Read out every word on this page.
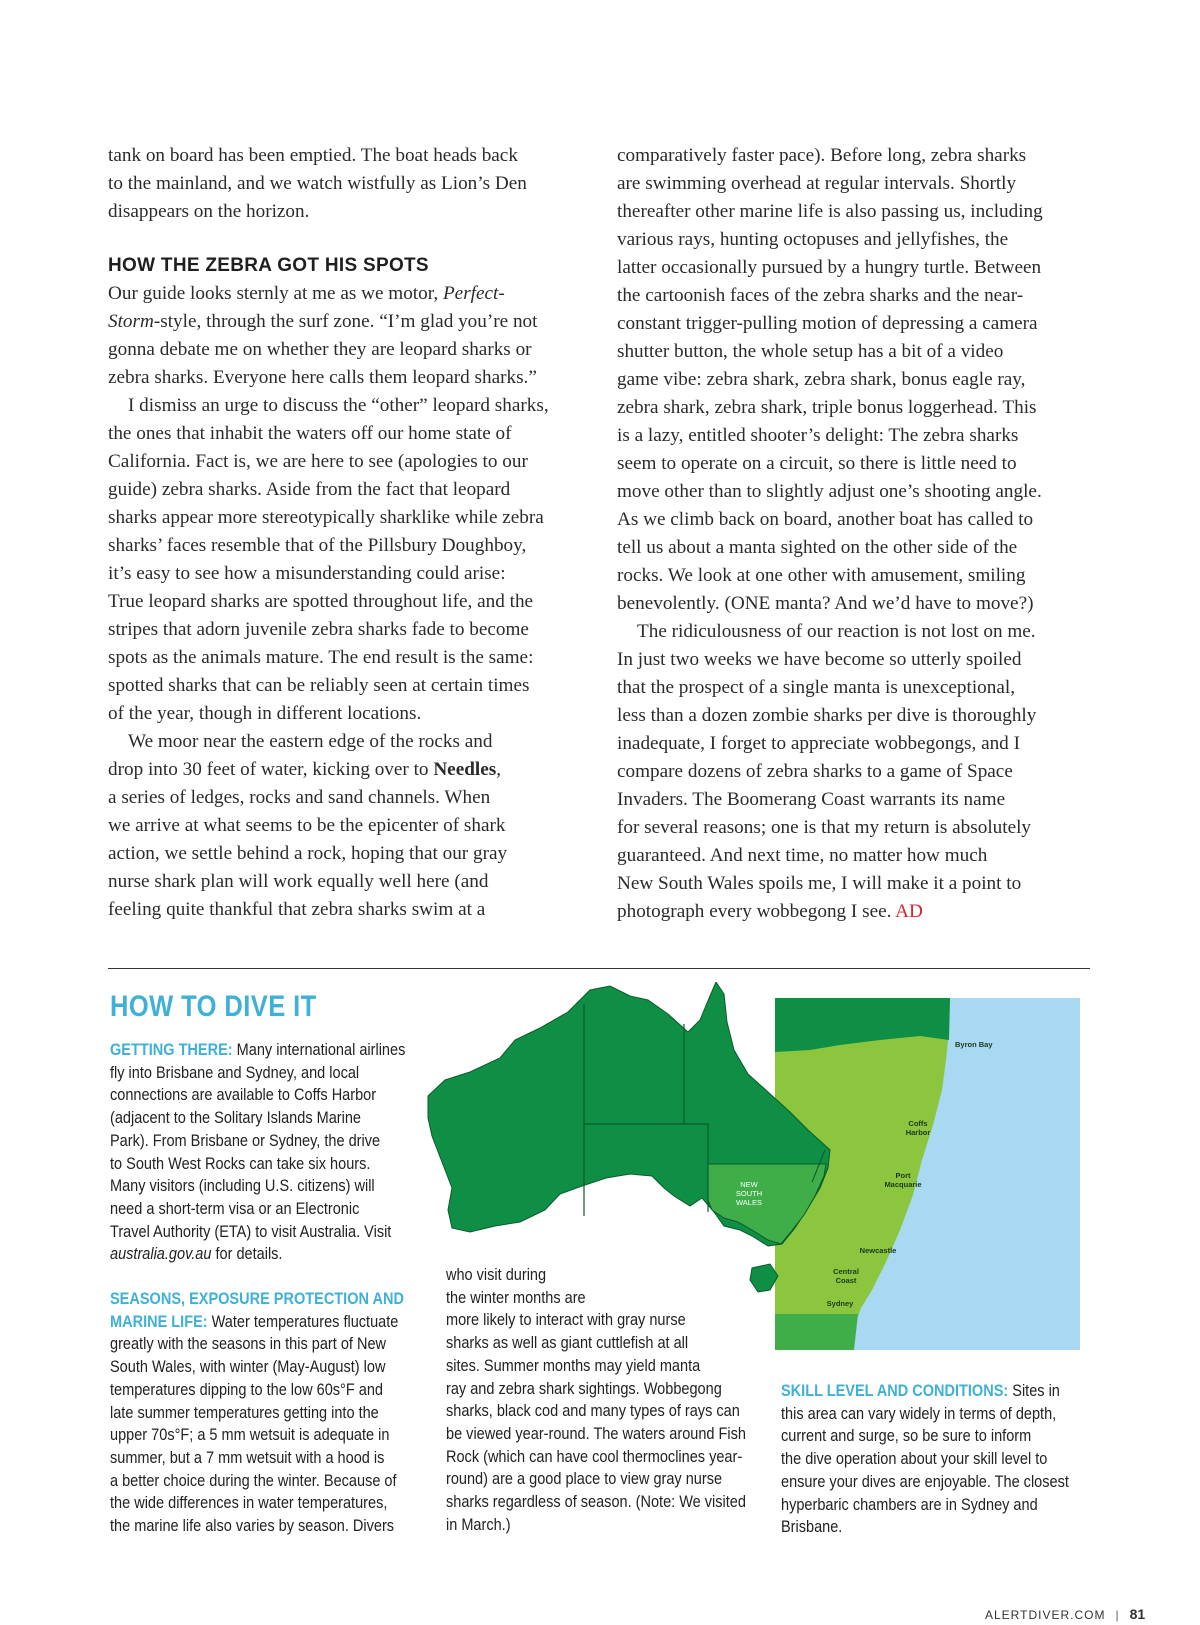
tank on board has been emptied. The boat heads back
to the mainland, and we watch wistfully as Lion’s Den
disappears on the horizon.

HOW THE ZEBRA GOT HIS SPOTS

Our guide looks sternly at me as we motor, Perfect-
Storm-style, through the surf zone. “I’m glad you’re not
gonna debate me on whether they are leopard sharks or
zebra sharks. Everyone here calls them leopard sharks.”

I dismiss an urge to discuss the “other” leopard sharks,
the ones that inhabit the waters off our home state of
California. Fact is, we are here to see (apologies to our
guide) zebra sharks. Aside from the fact that leopard
sharks appear more stereotypically sharklike while zebra
sharks’ faces resemble that of the Pillsbury Doughboy,
it’s easy to see how a misunderstanding could arise:
True leopard sharks are spotted throughout life, and the
stripes that adorn juvenile zebra sharks fade to become
spots as the animals mature. The end result is the same:
spotted sharks that can be reliably seen at certain times
of the year, though in different locations.

We moor near the eastern edge of the rocks and
drop into 30 feet of water, kicking over to Needles,
a series of ledges, rocks and sand channels. When
we arrive at what seems to be the epicenter of shark
action, we settle behind a rock, hoping that our gray
nurse shark plan will work equally well here (and
feeling quite thankful that zebra sharks swim at a

comparatively faster pace). Before long, zebra sharks
are swimming overhead at regular intervals. Shortly
thereafter other marine life is also passing us, including
various rays, hunting octopuses and jellyfishes, the
latter occasionally pursued by a hungry turtle. Between
the cartoonish faces of the zebra sharks and the near-
constant trigger-pulling motion of depressing a camera
shutter button, the whole setup has a bit of a video
game vibe: zebra shark, zebra shark, bonus eagle ray,
zebra shark, zebra shark, triple bonus loggerhead. This
is a lazy, entitled shooter’s delight: The zebra sharks
seem to operate on a circuit, so there is little need to
move other than to slightly adjust one’s shooting angle.
As we climb back on board, another boat has called to
tell us about a manta sighted on the other side of the
rocks. We look at one other with amusement, smiling
benevolently. (ONE manta? And we’d have to move?)

The ridiculousness of our reaction is not lost on me.
In just two weeks we have become so utterly spoiled
that the prospect of a single manta is unexceptional,
less than a dozen zombie sharks per dive is thoroughly
inadequate, I forget to appreciate wobbegongs, and I
compare dozens of zebra sharks to a game of Space
Invaders. The Boomerang Coast warrants its name
for several reasons; one is that my return is absolutely
guaranteed. And next time, no matter how much
New South Wales spoils me, I will make it a point to
photograph every wobbegong I see. AD

HOW TO DIVE IT
GETTING THERE: Many international airlines
fly into Brisbane and Sydney, and local
connections are available to Coffs Harbor
(adjacent to the Solitary Islands Marine
Park). From Brisbane or Sydney, the drive
to South West Rocks can take six hours.
Many visitors (including U.S. citizens) will
need a short-term visa or an Electronic
Travel Authority (ETA) to visit Australia. Visit
australia.gov.au for details.
SEASONS, EXPOSURE PROTECTION AND
MARINE LIFE: Water temperatures fluctuate
greatly with the seasons in this part of New
South Wales, with winter (May-August) low
temperatures dipping to the low 60s°F and
late summer temperatures getting into the
upper 70s°F; a 5 mm wetsuit is adequate in
summer, but a 7 mm wetsuit with a hood is
a better choice during the winter. Because of
the wide differences in water temperatures,
the marine life also varies by season. Divers
who visit during
the winter months are
more likely to interact with gray nurse
sharks as well as giant cuttlefish at all
sites. Summer months may yield manta
ray and zebra shark sightings. Wobbegong
sharks, black cod and many types of rays can
be viewed year-round. The waters around Fish
Rock (which can have cool thermoclines year-
round) are a good place to view gray nurse
sharks regardless of season. (Note: We visited
in March.)
SKILL LEVEL AND CONDITIONS: Sites in
this area can vary widely in terms of depth,
current and surge, so be sure to inform
the dive operation about your skill level to
ensure your dives are enjoyable. The closest
hyperbaric chambers are in Sydney and
Brisbane.
NEW
SOUTH
WALES
Byron Bay
Coffs
Harbor
Port
Macquarie
Newcastle
Central
Coast
Sydney
ALERTDIVER.COM | 81
